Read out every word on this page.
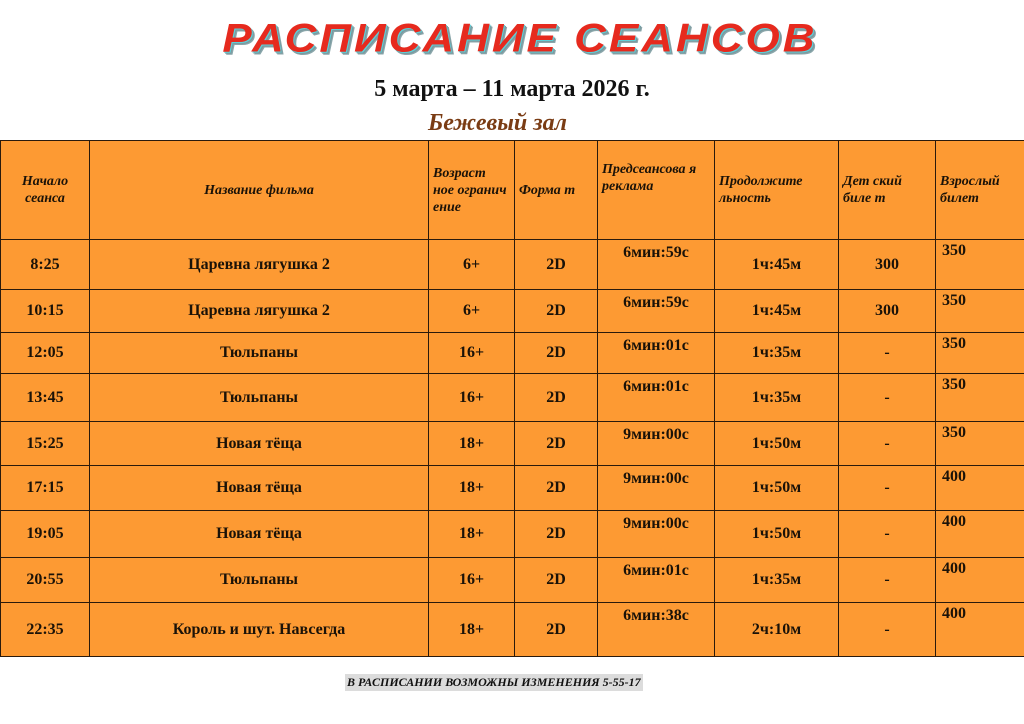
РАСПИСАНИЕ СЕАНСОВ
5 марта – 11 марта 2026 г.
Бежевый зал
Начало сеанса	Название фильма	Возраст ное огранич ение	Форма т	Предсеансова я реклама	Продолжите льность	Дет ский биле т	Взрослый билет
8:25	Царевна лягушка 2	6+	2D	6мин:59с	1ч:45м	300	350
10:15	Царевна лягушка 2	6+	2D	6мин:59с	1ч:45м	300	350
12:05	Тюльпаны	16+	2D	6мин:01с	1ч:35м	-	350
13:45	Тюльпаны	16+	2D	6мин:01с	1ч:35м	-	350
15:25	Новая тёща	18+	2D	9мин:00с	1ч:50м	-	350
17:15	Новая тёща	18+	2D	9мин:00с	1ч:50м	-	400
19:05	Новая тёща	18+	2D	9мин:00с	1ч:50м	-	400
20:55	Тюльпаны	16+	2D	6мин:01с	1ч:35м	-	400
22:35	Король и шут. Навсегда	18+	2D	6мин:38с	2ч:10м	-	400
В РАСПИСАНИИ ВОЗМОЖНЫ ИЗМЕНЕНИЯ 5-55-17
